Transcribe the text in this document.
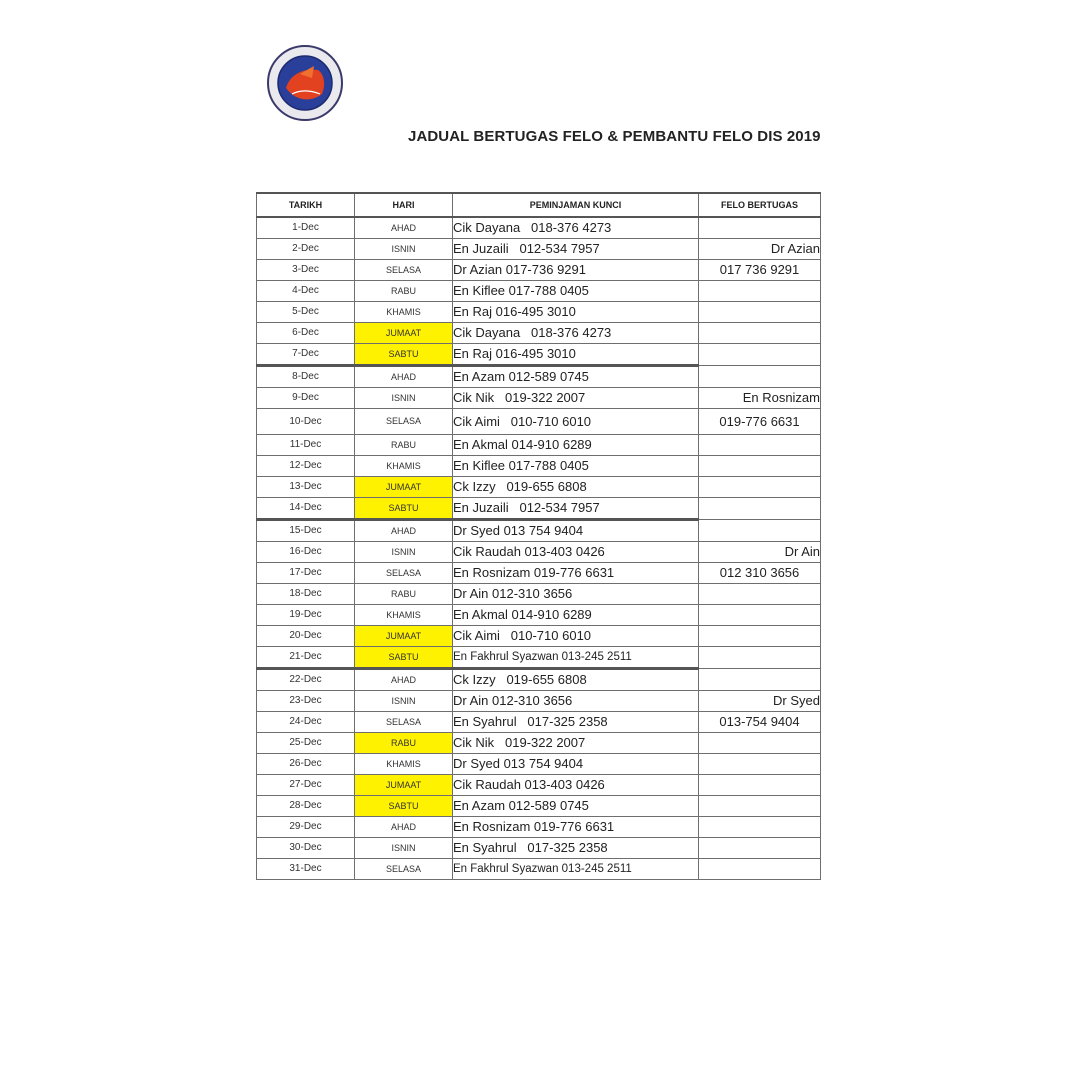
JADUAL BERTUGAS FELO & PEMBANTU FELO DIS 2019
TARIKH	HARI	PEMINJAMAN KUNCI	FELO BERTUGAS
1-Dec	AHAD	Cik Dayana   018-376 4273	
2-Dec	ISNIN	En Juzaili   012-534 7957	Dr Azian
3-Dec	SELASA	Dr Azian 017-736 9291	017 736 9291
4-Dec	RABU	En Kiflee 017-788 0405	
5-Dec	KHAMIS	En Raj 016-495 3010	
6-Dec	JUMAAT	Cik Dayana   018-376 4273	
7-Dec	SABTU	En Raj 016-495 3010	
8-Dec	AHAD	En Azam 012-589 0745	
9-Dec	ISNIN	Cik Nik   019-322 2007	En Rosnizam
10-Dec	SELASA	Cik Aimi   010-710 6010	019-776 6631
11-Dec	RABU	En Akmal 014-910 6289	
12-Dec	KHAMIS	En Kiflee 017-788 0405	
13-Dec	JUMAAT	Ck Izzy   019-655 6808	
14-Dec	SABTU	En Juzaili   012-534 7957	
15-Dec	AHAD	Dr Syed 013 754 9404	
16-Dec	ISNIN	Cik Raudah 013-403 0426	Dr Ain
17-Dec	SELASA	En Rosnizam 019-776 6631	012 310 3656
18-Dec	RABU	Dr Ain 012-310 3656	
19-Dec	KHAMIS	En Akmal 014-910 6289	
20-Dec	JUMAAT	Cik Aimi   010-710 6010	
21-Dec	SABTU	En Fakhrul Syazwan 013-245 2511	
22-Dec	AHAD	Ck Izzy   019-655 6808	
23-Dec	ISNIN	Dr Ain 012-310 3656	Dr Syed
24-Dec	SELASA	En Syahrul   017-325 2358	013-754 9404
25-Dec	RABU	Cik Nik   019-322 2007	
26-Dec	KHAMIS	Dr Syed 013 754 9404	
27-Dec	JUMAAT	Cik Raudah 013-403 0426	
28-Dec	SABTU	En Azam 012-589 0745	
29-Dec	AHAD	En Rosnizam 019-776 6631	
30-Dec	ISNIN	En Syahrul   017-325 2358	
31-Dec	SELASA	En Fakhrul Syazwan 013-245 2511	
